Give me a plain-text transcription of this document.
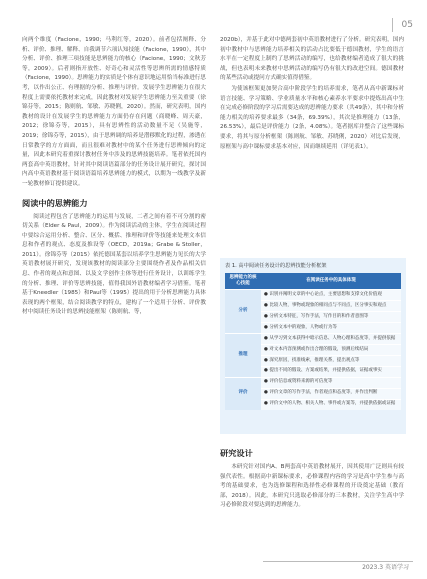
05

向两个维度（Facione，1990；马利红等，2020）。前者包括阐释、分析、评价、推理、解释、自我调节六项认知技能（Facione，1990），其中分析、评价、推理三项技能是思辨能力的核心（Facione，1990；文秋芳等，2009）。后者则指开放性、好奇心和灵活性等思辨所需的情感特质（Facione，1990）。思辨能力的实质是个体有意识地运用恰当标准进行思考，以作出公正、有理据的分析、推理与评价。发展学生思辨能力在很大程度上需要依托教材来完成，因此教材对发展学生思辨能力至关重要（徐锦芬等，2015；陈则航、邹敏、苏晓俐，2020）。然而，研究表明，国内教材的设计在发展学生的思辨能力方面仍存在问题（商晓峰、周天豪，2012；徐锦芬等，2015），具有思辨性的活动数量不足（吴施等，2019；徐锦芬等，2015），由于思辨调的培养是潜移默化的过程，渗透在日常教学的方方面面，而且很难对教材中的某个任务进行思辨倾向的定量，因此本研究着重探讨教材任务中涉及的思辨技能培养。笔者依托国内两套高中英语教材，针对其中阅读语篇部分的任务设计展开研究，探讨国内高中英语教材基于阅读语篇培养思辨能力的模式，以期为一线教学及新一轮教材修订提供建议。

阅读中的思辨能力

阅读过程包含了思辨能力的运用与发展，二者之间有着不可分割的密切关系（Elder & Paul，2009）。作为阅读活动的主体，学生在阅读过程中要综合运用分析、整合、区分、概括、推理和评价等技能来处理文本信息和作者的观点、态度及推设等（OECD，2019a；Grabe & Stoller，2011）。徐锦芬等（2015）依托德国某套以培养学生思辨能力见长的大学英语教材展开研究，发现该教材的阅读部分主要围绕作者及作品相关信息、作者的观点和意图、以及文学创作主体等进行任务设计，以训练学生的分析、推理、评价等思辨技能，值得我国外语教材编者学习借鉴。笔者基于Kneedler（1985）和Paul等（1995）提出的用于分析思辨能力具体表现的两个框架，结合阅读教学的特点，建构了一个适用于分析、评价教材中阅读任务设计的思辨技能框架（陈则航、等，

2020b），并基于此对中德两套初中英语教材进行了分析。研究表明，国内初中教材中与思辨能力培养相关的活动占比要低于德国教材，学生的语言水平在一定程度上制约了思辨活动的编写，也给教材编者造成了很大的挑战，但也表明未来教材中思辨活动的编写仍有很大的改进空间。德国教材的某些活动或提问方式确实值得借鉴。

为使该框架更加契合高中阶段学生的培养需求，笔者从高中新课标对语言技能、学习策略、学业质量水平和核心素养水平要求中提炼出高中生在完成必修阶段的学习后需要达成的思辨能力要求（共49条），其中和分析能力相关的培养要求最多（34条，69.39%），其次是推理能力（13条，26.53%），最后是评价能力（2条，4.08%）。笔者据库并整合了这些课标要求，将其与原分析框架（陈则航、邹敏、苏晓俐，2020）对比后发现，原框架与高中课标要求基本对应，因而继续延用（详见表1）。

表 1. 高中阅读任务设计的思辨技能分析框架
思辨能力的核心技能	在阅读任务中的具体体现
分析	● 识别并阐明文章的中心论点，主要思想和支撑文化价值观
	● 比较人物，事物或现象的相同点与不同点，区分事实和观点
	● 分析文本特征，写作手法，写作目的和作者意图等
	● 分析文本中的观象，人物或行为等
推理	● 从学习到文本获得中暗示信息、人物心理和态度等，并提供依据
	● 对文本内容预测或作出合理的假设，预测后续结局
	● 深究原因，找准线索，推理关系，提出观点等
	● 提出不同的假设、方案或结果，并提供依据，证据或事实
评价	● 评价信息或资料来源的可信度等
	● 评价文章的写作手法，作者观点和态度等，并作出判断
	● 评价文中的人物、相关人物、事件或方案等，并提供依据或证据
研究设计

本研究针对国内A、B两套高中英语教材展开，因其使用广泛则具有较强代表性。根据高中新课标要求，必修课程内容的学习是高中学生参与高考的基础要求，也为选修课程和选择性必修课程的开设奠定基础（教育部，2018）。因此，本研究只选取必修部分的三本教材，关注学生高中学习必修阶段对要达到的思辨能力。

2023.3 英语学习
